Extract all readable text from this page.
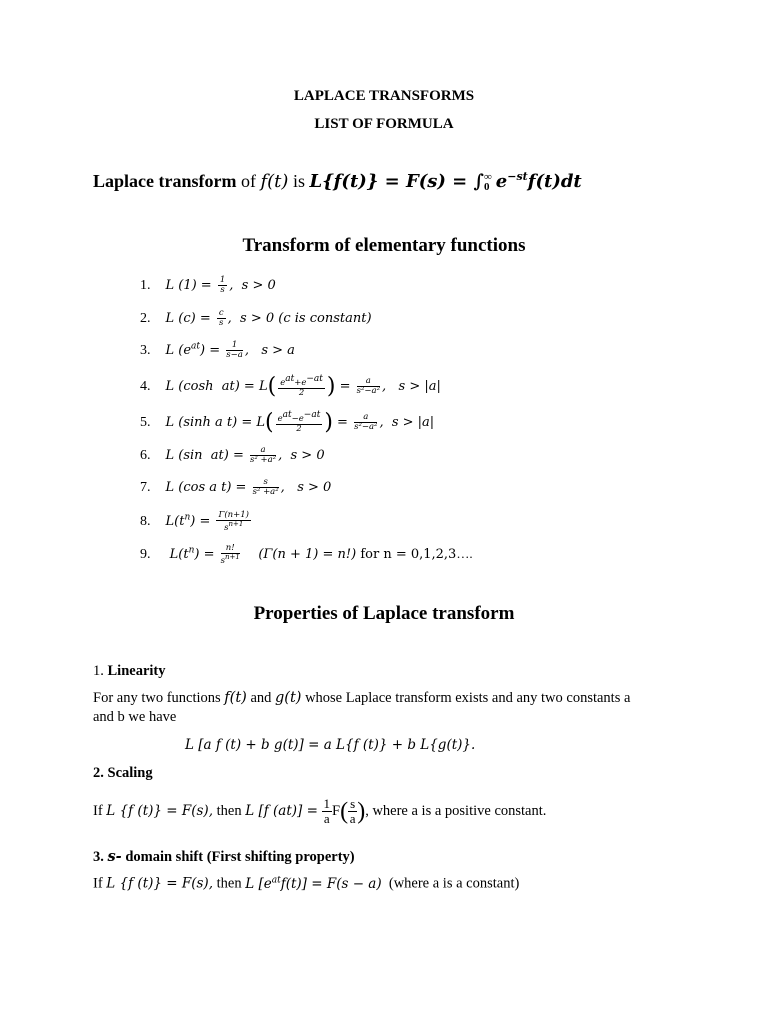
LAPLACE TRANSFORMS
LIST OF FORMULA
Laplace transform of f(t) is L{f(t)} = F(s) = ∫ ∞
0 $e^{-st}f(t)dt$
Transform of elementary functions
1. L $(1) = \frac{1}{s}$ ,  s > 0
2. L $(c) = \frac{c}{s}$ ,  s > 0 (c is constant)
3. L $(e^{at}) = \frac{1}{s-a}$ ,   s > a
4. L (cosh  $at) = L( \frac{e^{at}+e^{-at}}{2}$ ) = $\frac{a}{\text{s²−a²}}$ ,   s > |a|
5. L (sinh a $t) = L( \frac{e^{at}-e^{-at}}{2}$ ) = $\frac{a}{\text{s²−a²}}$ ,  s > |a|
6. L (sin  $at) = \frac{a}{\text{s² +a²}}$ ,  s > 0
7. L (cos a $t) = \frac{s}{\text{s² +a²}}$ ,   s > 0
8. $L(t^n) = \frac{\Gamma(n+1)}{s^{n+1}}$
9.  $L(t^n) = \frac{n!}{s^{n+1}} (\Gamma(n + 1) = n!)$ for n = 0,1,2,3….
Properties of Laplace transform
1. Linearity
For any two functions f(t) and g(t) whose Laplace transform exists and any two constants a
and b we have
L [a f (t) + b g(t)] = a L{f (t)} + b L{g(t)}.
2. Scaling
If L {f (t)} = F(s), then L [f $(at)] = \frac{1}{a} F( \frac{s}{a}$ ), where a is a positive constant.
3. s- domain shift (First shifting property)
If L {f (t)} = F(s), then L $[e^{at}f(t)] = F(s - a)$ (where a is a constant)
